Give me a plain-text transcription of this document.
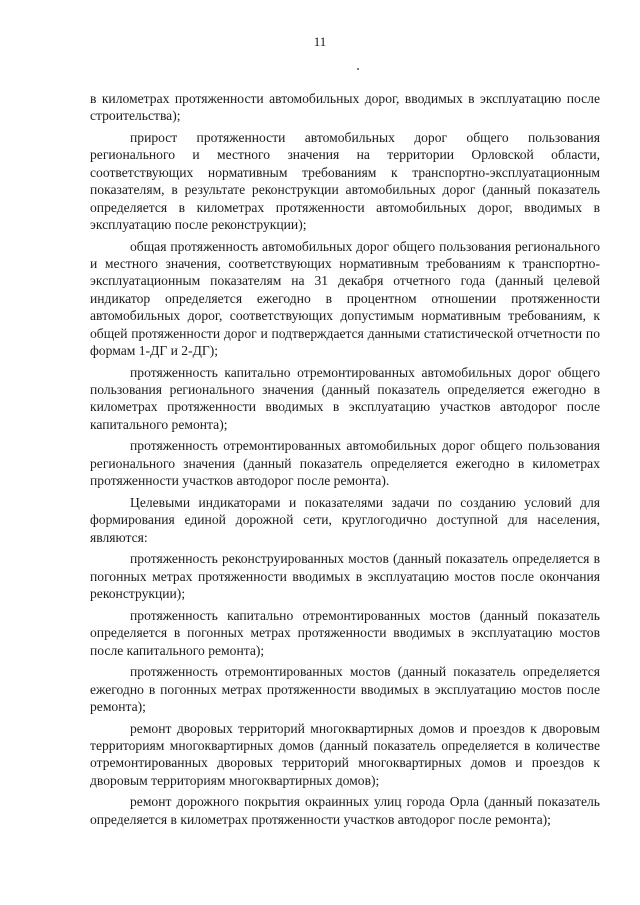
11

в километрах протяженности автомобильных дорог, вводимых в эксплуатацию после строительства);

прирост протяженности автомобильных дорог общего пользования регионального и местного значения на территории Орловской области, соответствующих нормативным требованиям к транспортно-эксплуатационным показателям, в результате реконструкции автомобильных дорог (данный показатель определяется в километрах протяженности автомобильных дорог, вводимых в эксплуатацию после реконструкции);

общая протяженность автомобильных дорог общего пользования регионального и местного значения, соответствующих нормативным требованиям к транспортно-эксплуатационным показателям на 31 декабря отчетного года (данный целевой индикатор определяется ежегодно в процентном отношении протяженности автомобильных дорог, соответствующих допустимым нормативным требованиям, к общей протяженности дорог и подтверждается данными статистической отчетности по формам 1-ДГ и 2-ДГ);

протяженность капитально отремонтированных автомобильных дорог общего пользования регионального значения (данный показатель определяется ежегодно в километрах протяженности вводимых в эксплуатацию участков автодорог после капитального ремонта);

протяженность отремонтированных автомобильных дорог общего пользования регионального значения (данный показатель определяется ежегодно в километрах протяженности участков автодорог после ремонта).

Целевыми индикаторами и показателями задачи по созданию условий для формирования единой дорожной сети, круглогодично доступной для населения, являются:

протяженность реконструированных мостов (данный показатель определяется в погонных метрах протяженности вводимых в эксплуатацию мостов после окончания реконструкции);

протяженность капитально отремонтированных мостов (данный показатель определяется в погонных метрах протяженности вводимых в эксплуатацию мостов после капитального ремонта);

протяженность отремонтированных мостов (данный показатель определяется ежегодно в погонных метрах протяженности вводимых в эксплуатацию мостов после ремонта);

ремонт дворовых территорий многоквартирных домов и проездов к дворовым территориям многоквартирных домов (данный показатель определяется в количестве отремонтированных дворовых территорий многоквартирных домов и проездов к дворовым территориям многоквартирных домов);

ремонт дорожного покрытия окраинных улиц города Орла (данный показатель определяется в километрах протяженности участков автодорог после ремонта);
